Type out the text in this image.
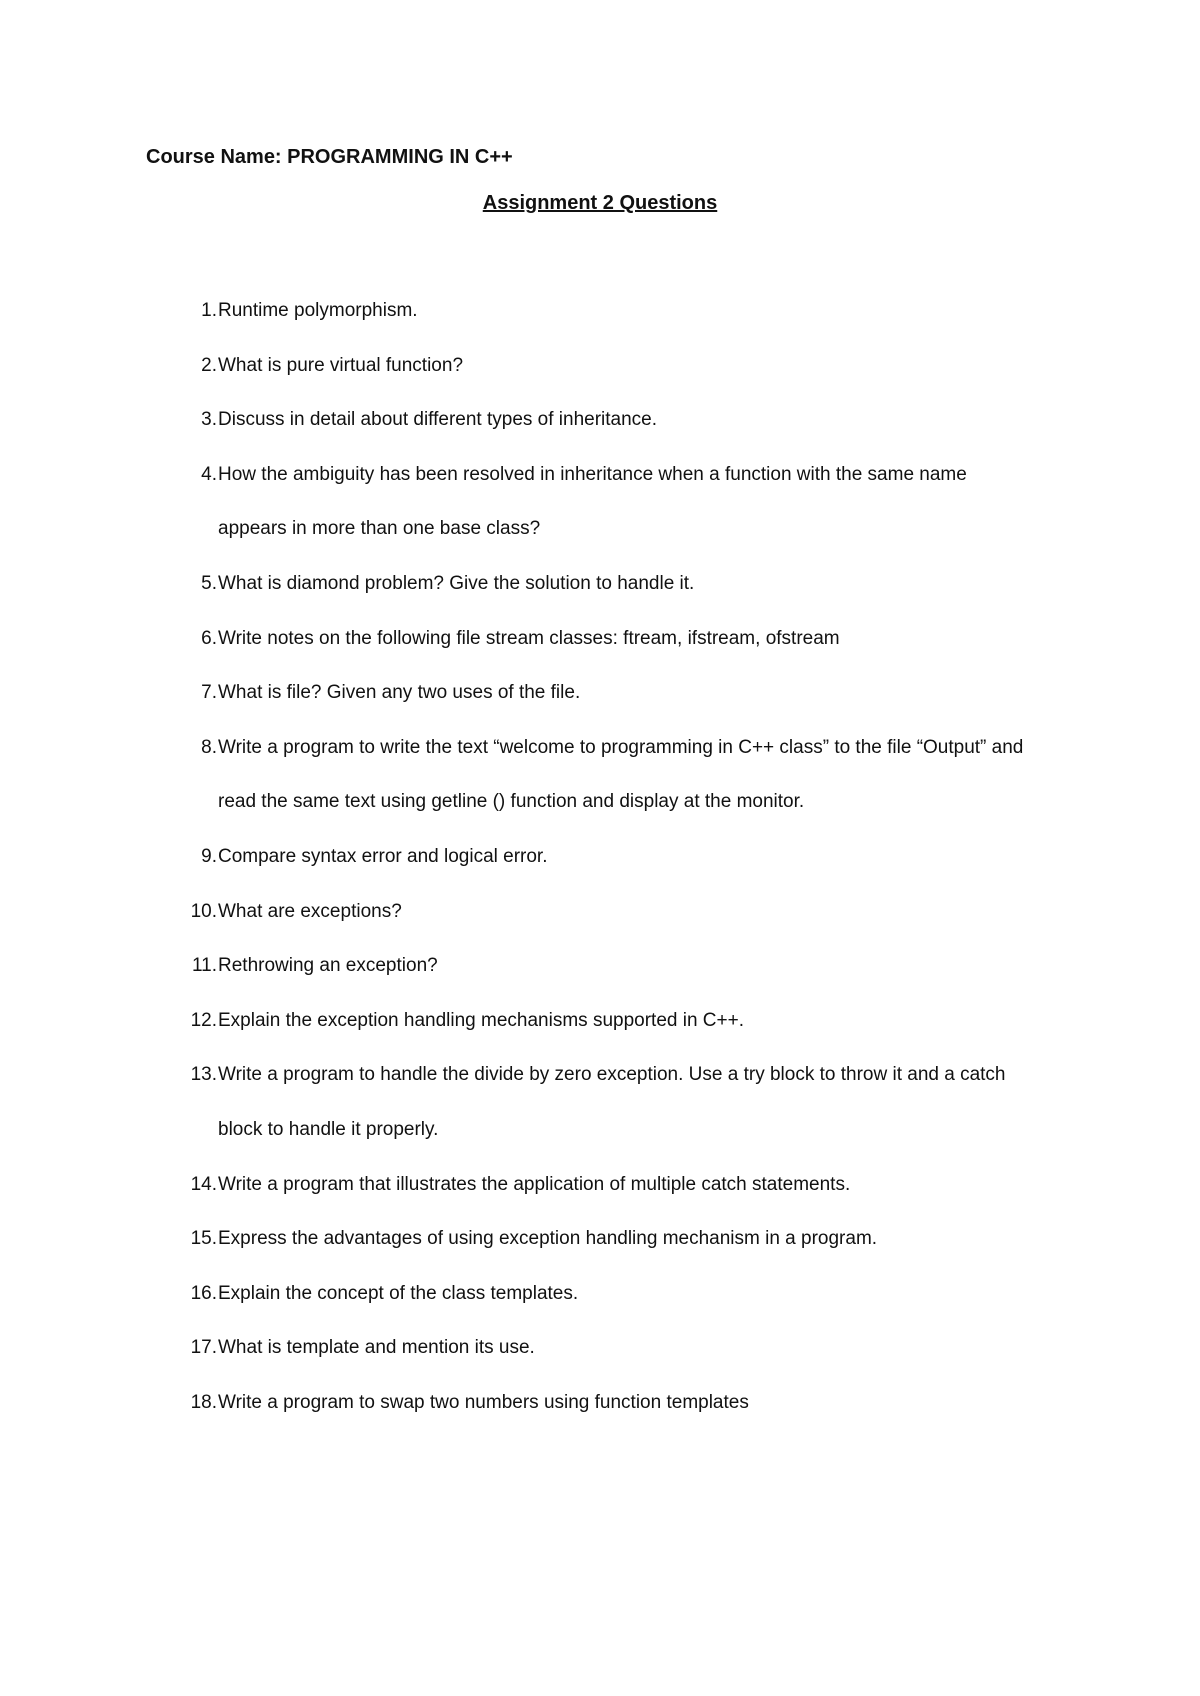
Course Name: PROGRAMMING IN C++
Assignment 2 Questions
1. Runtime polymorphism.
2. What is pure virtual function?
3. Discuss in detail about different types of inheritance.
4. How the ambiguity has been resolved in inheritance when a function with the same name appears in more than one base class?
5. What is diamond problem? Give the solution to handle it.
6. Write notes on the following file stream classes: ftream, ifstream, ofstream
7. What is file? Given any two uses of the file.
8. Write a program to write the text “welcome to programming in C++ class” to the file “Output” and read the same text using getline () function and display at the monitor.
9. Compare syntax error and logical error.
10. What are exceptions?
11. Rethrowing an exception?
12. Explain the exception handling mechanisms supported in C++.
13. Write a program to handle the divide by zero exception. Use a try block to throw it and a catch block to handle it properly.
14. Write a program that illustrates the application of multiple catch statements.
15. Express the advantages of using exception handling mechanism in a program.
16. Explain the concept of the class templates.
17. What is template and mention its use.
18. Write a program to swap two numbers using function templates
